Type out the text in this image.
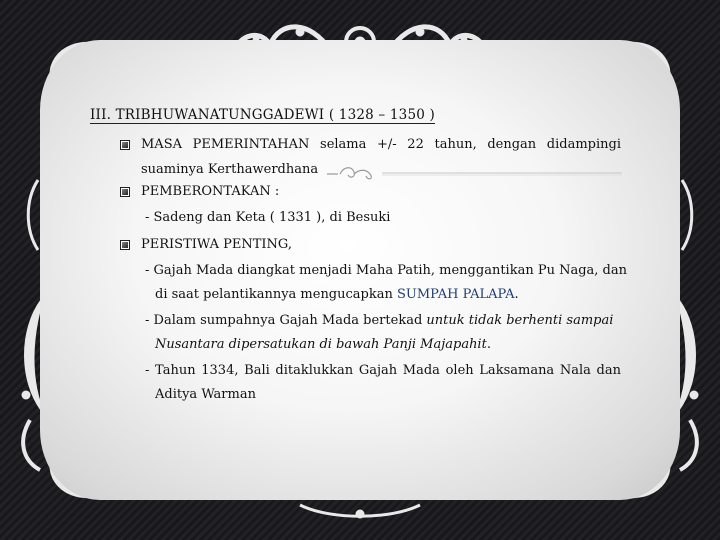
III. TRIBHUWANATUNGGADEWI ( 1328 – 1350 )
MASA PEMERINTAHAN selama +/- 22 tahun, dengan didampingi
suaminya Kerthawerdhana
PEMBERONTAKAN :
- Sadeng dan Keta ( 1331 ), di Besuki
PERISTIWA PENTING,
- Gajah Mada diangkat menjadi Maha Patih, menggantikan Pu Naga, dan
di saat pelantikannya mengucapkan SUMPAH PALAPA.
- Dalam sumpahnya Gajah Mada bertekad untuk tidak berhenti sampai
Nusantara dipersatukan di bawah Panji Majapahit.
- Tahun 1334, Bali ditaklukkan Gajah Mada oleh Laksamana Nala dan
Aditya Warman
